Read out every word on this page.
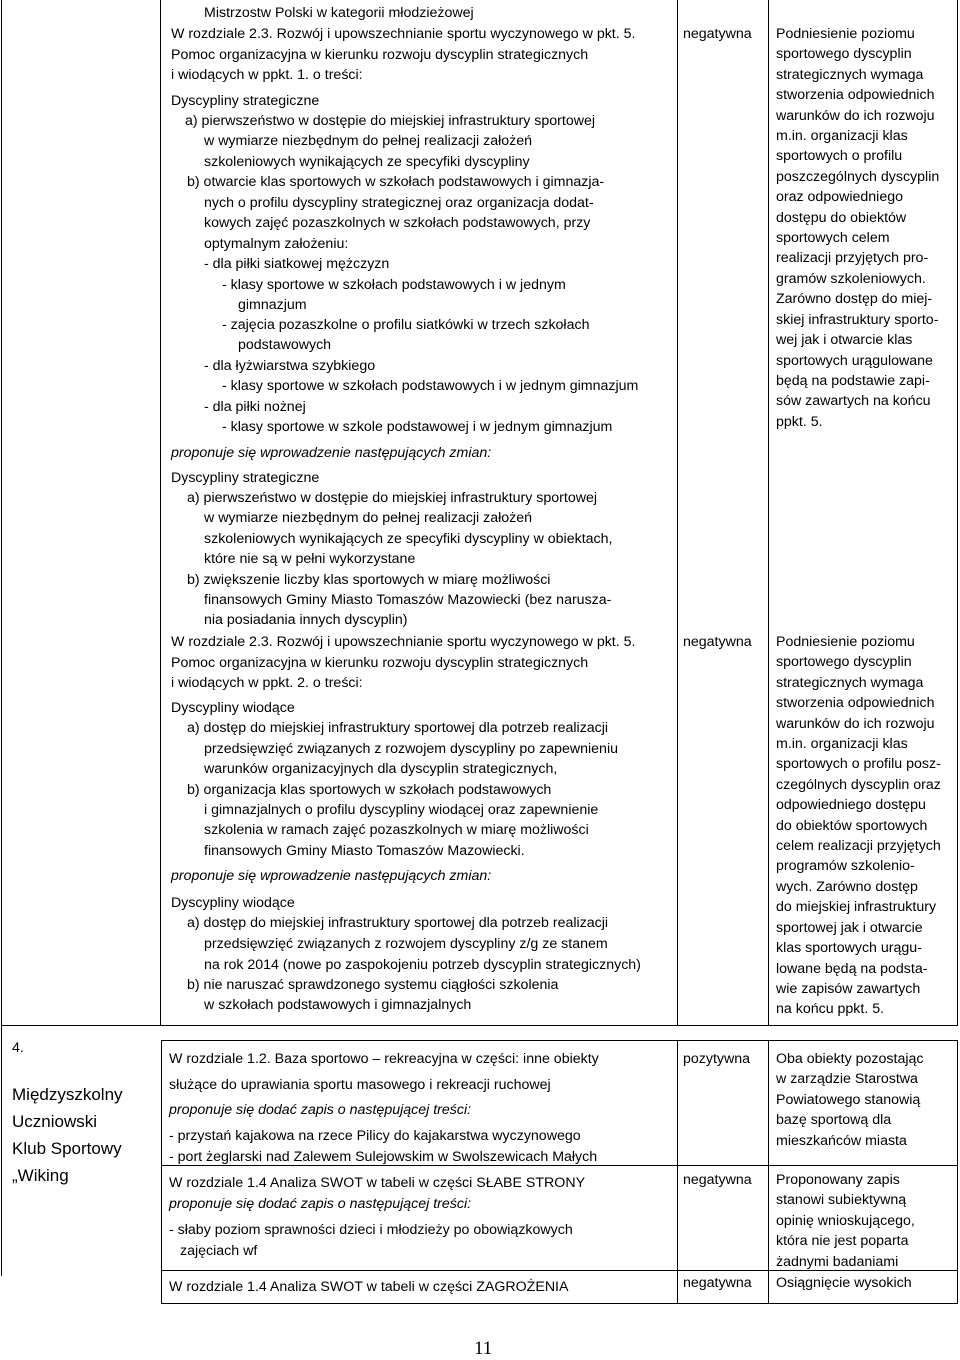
Mistrzostw Polski w kategorii młodzieżowej
W rozdziale 2.3. Rozwój i upowszechnianie sportu wyczynowego w pkt. 5.
Pomoc organizacyjna w kierunku rozwoju dyscyplin strategicznych
i wiodących w ppkt. 1. o treści:
Dyscypliny strategiczne
a) pierwszeństwo w dostępie do miejskiej infrastruktury sportowej
w wymiarze niezbędnym do pełnej realizacji założeń
szkoleniowych wynikających ze specyfiki dyscypliny
b) otwarcie klas sportowych w szkołach podstawowych i gimnazja-
nych o profilu dyscypliny strategicznej oraz organizacja dodat-
kowych zajęć pozaszkolnych w szkołach podstawowych, przy
optymalnym założeniu:
- dla piłki siatkowej mężczyzn
- klasy sportowe w szkołach podstawowych i w jednym
gimnazjum
- zajęcia pozaszkolne o profilu siatkówki w trzech szkołach
podstawowych
- dla łyżwiarstwa szybkiego
- klasy sportowe w szkołach podstawowych i w jednym gimnazjum
- dla piłki nożnej
- klasy sportowe w szkole podstawowej i w jednym gimnazjum
proponuje się wprowadzenie następujących zmian:
Dyscypliny strategiczne
a) pierwszeństwo w dostępie do miejskiej infrastruktury sportowej
w wymiarze niezbędnym do pełnej realizacji założeń
szkoleniowych wynikających ze specyfiki dyscypliny w obiektach,
które nie są w pełni wykorzystane
b) zwiększenie liczby klas sportowych w miarę możliwości
finansowych Gminy Miasto Tomaszów Mazowiecki (bez narusza-
nia posiadania innych dyscyplin)
W rozdziale 2.3. Rozwój i upowszechnianie sportu wyczynowego w pkt. 5.
Pomoc organizacyjna w kierunku rozwoju dyscyplin strategicznych
i wiodących w ppkt. 2. o treści:
Dyscypliny wiodące
a) dostęp do miejskiej infrastruktury sportowej dla potrzeb realizacji
przedsięwzięć związanych z rozwojem dyscypliny po zapewnieniu
warunków organizacyjnych dla dyscyplin strategicznych,
b) organizacja klas sportowych w szkołach podstawowych
i gimnazjalnych o profilu dyscypliny wiodącej oraz zapewnienie
szkolenia w ramach zajęć pozaszkolnych w miarę możliwości
finansowych Gminy Miasto Tomaszów Mazowiecki.
proponuje się wprowadzenie następujących zmian:
Dyscypliny wiodące
a) dostęp do miejskiej infrastruktury sportowej dla potrzeb realizacji
przedsięwzięć związanych z rozwojem dyscypliny z/g ze stanem
na rok 2014 (nowe po zaspokojeniu potrzeb dyscyplin strategicznych)
b) nie naruszać sprawdzonego systemu ciągłości szkolenia
w szkołach podstawowych i gimnazjalnych
negatywna
negatywna
Podniesienie poziomu
sportowego dyscyplin
strategicznych wymaga
stworzenia odpowiednich
warunków do ich rozwoju
m.in. organizacji klas
sportowych o profilu
poszczególnych dyscyplin
oraz odpowiedniego
dostępu do obiektów
sportowych celem
realizacji przyjętych pro-
gramów szkoleniowych.
Zarówno dostęp do miej-
skiej infrastruktury sporto-
wej jak i otwarcie klas
sportowych urągulowane
będą na podstawie zapi-
sów zawartych na końcu
ppkt. 5.
Podniesienie poziomu
sportowego dyscyplin
strategicznych wymaga
stworzenia odpowiednich
warunków do ich rozwoju
m.in. organizacji klas
sportowych o profilu posz-
czególnych dyscyplin oraz
odpowiedniego dostępu
do obiektów sportowych
celem realizacji przyjętych
programów szkolenio-
wych. Zarówno dostęp
do miejskiej infrastruktury
sportowej jak i otwarcie
klas sportowych urągu-
lowane będą na podsta-
wie zapisów zawartych
na końcu ppkt. 5.
4.
Międzyszkolny
Uczniowski
Klub Sportowy
„Wiking
W rozdziale 1.2. Baza sportowo – rekreacyjna w części: inne obiekty
służące do uprawiania sportu masowego i rekreacji ruchowej
proponuje się dodać zapis o następującej treści:
- przystań kajakowa na rzece Pilicy do kajakarstwa wyczynowego
- port żeglarski nad Zalewem Sulejowskim w Swolszewicach Małych
W rozdziale 1.4 Analiza SWOT w tabeli w części SŁABE STRONY
proponuje się dodać zapis o następującej treści:
- słaby poziom sprawności dzieci i młodzieży po obowiązkowych
zajęciach wf
W rozdziale 1.4 Analiza SWOT w tabeli w części ZAGROŻENIA
pozytywna
negatywna
negatywna
Oba obiekty pozostając
w zarządzie Starostwa
Powiatowego stanowią
bazę sportową dla
mieszkańców miasta
Proponowany zapis
stanowi subiektywną
opinię wnioskującego,
która nie jest poparta
żadnymi badaniami
Osiągnięcie wysokich
11
